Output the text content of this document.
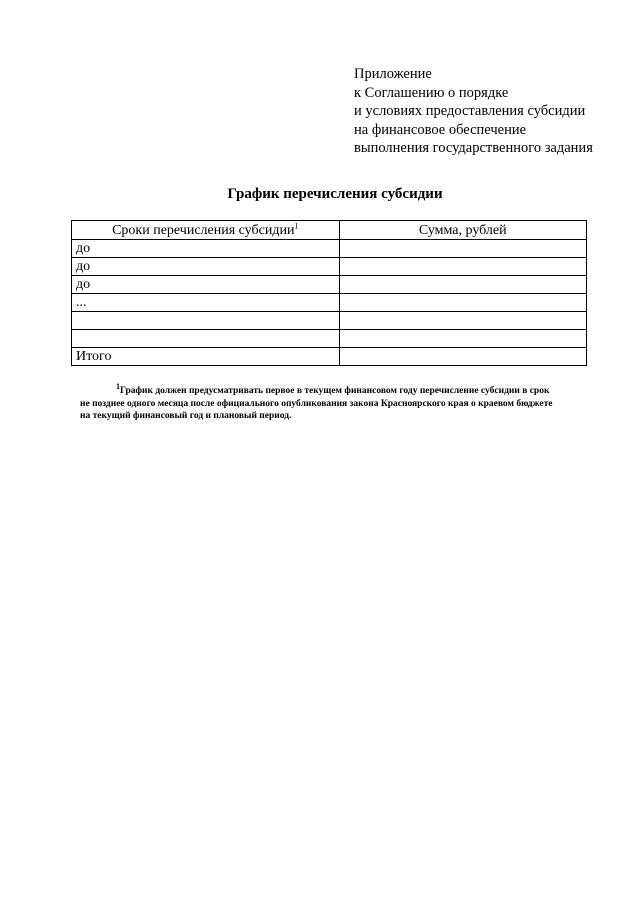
Приложение
к Соглашению о порядке
и условиях предоставления субсидии
на финансовое обеспечение
выполнения государственного задания
График перечисления субсидии
Сроки перечисления субсидии$^1$	Сумма, рублей
до	
до	
до	
...	

Итого	
$^1$График должен предусматривать первое в текущем финансовом году перечисление субсидии в срок
не позднее одного месяца после официального опубликования закона Красноярского края о краевом бюджете
на текущий финансовый год и плановый период.
